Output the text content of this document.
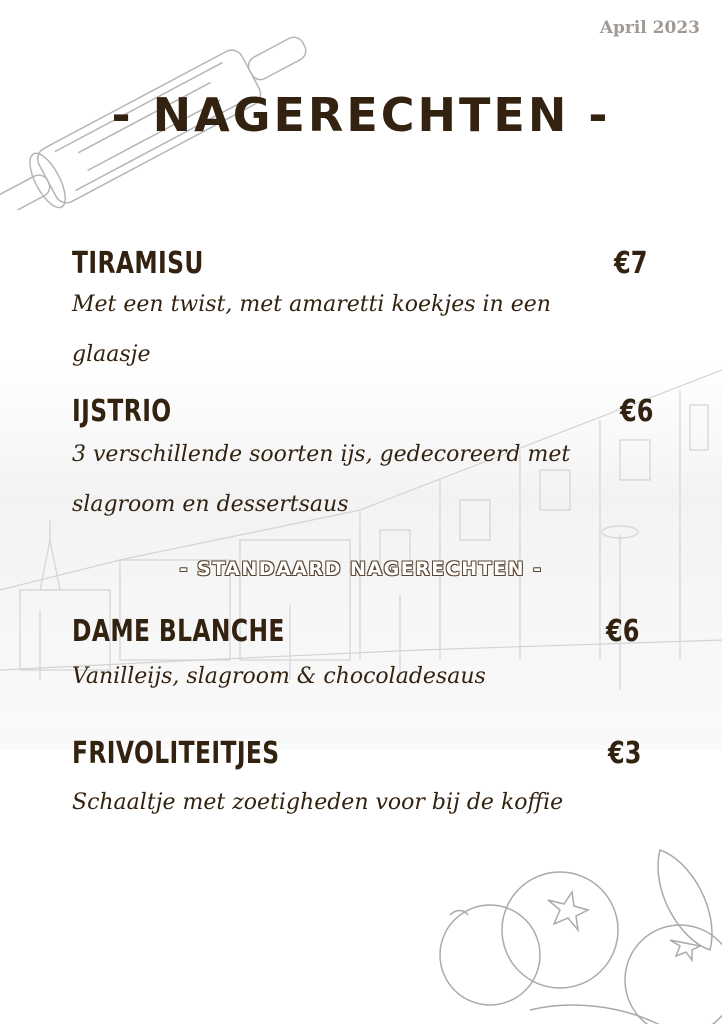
April 2023
- NAGERECHTEN -
TIRAMISU	€7
Met een twist, met amaretti koekjes in een glaasje
IJSTRIO	€6
3 verschillende soorten ijs, gedecoreerd met slagroom en dessertsaus
- STANDAARD NAGERECHTEN -
DAME BLANCHE	€6
Vanilleijs, slagroom & chocoladesaus
FRIVOLITEITJES	€3
Schaaltje met zoetigheden voor bij de koffie
